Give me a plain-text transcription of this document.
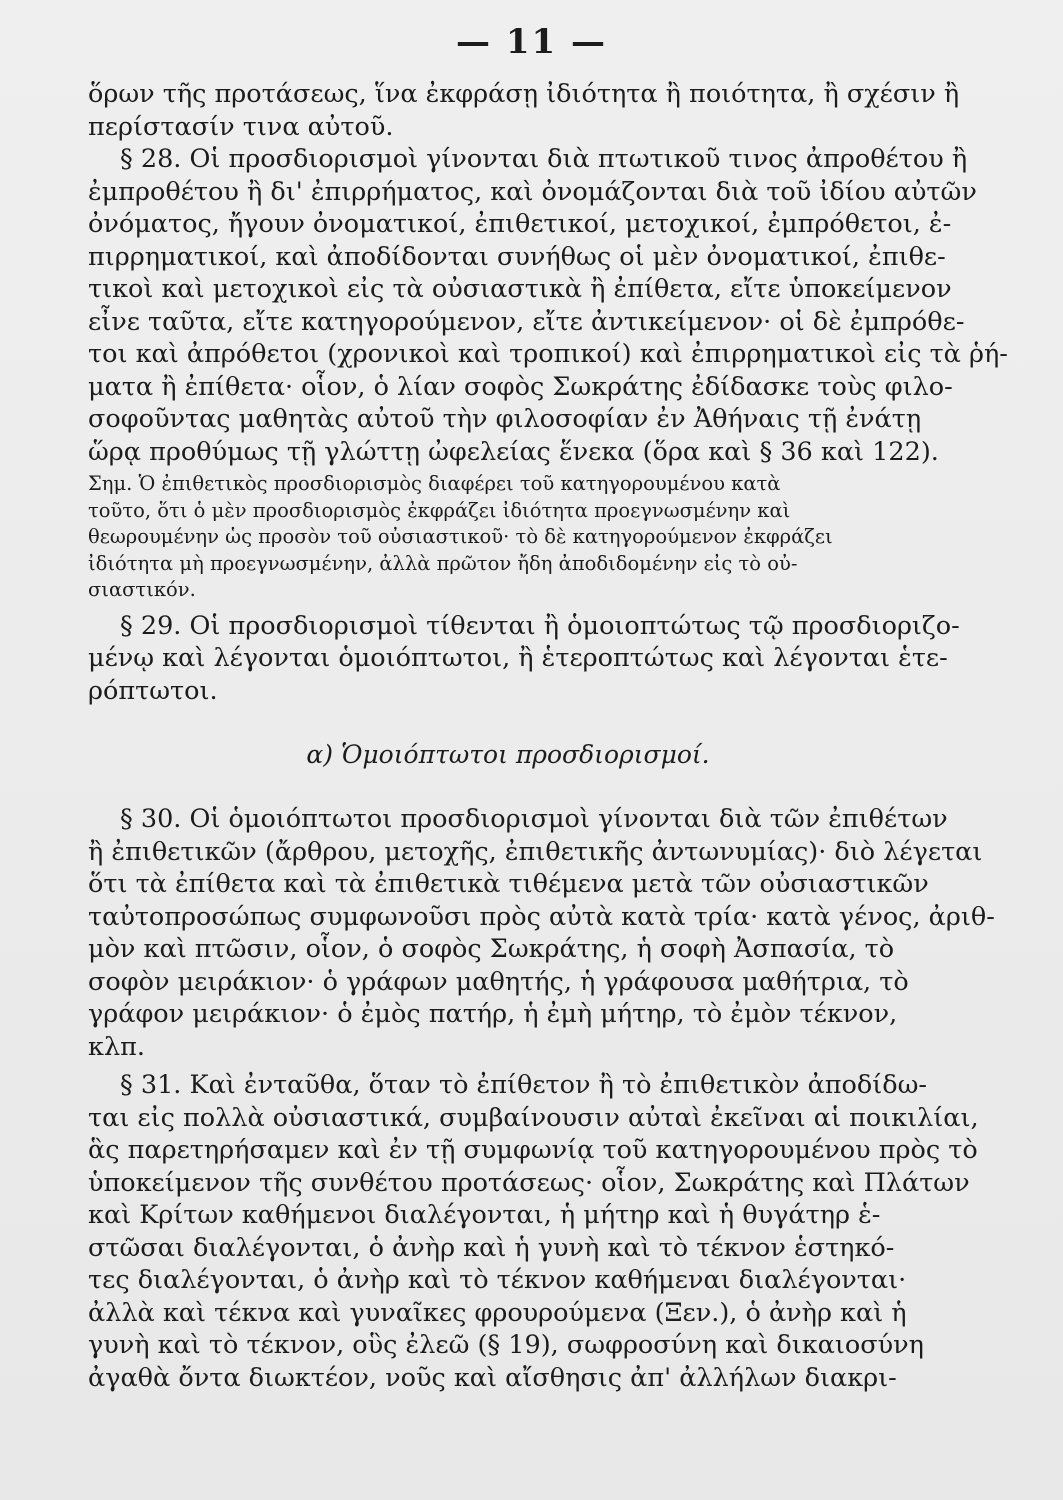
— 11 —
ὅρων τῆς προτάσεως, ἵνα ἐκφράσῃ ἰδιότητα ἢ ποιότητα, ἢ σχέσιν ἢ
περίστασίν τινα αὐτοῦ.
§ 28. Οἱ προσδιορισμοὶ γίνονται διὰ πτωτικοῦ τινος ἀπροθέτου ἢ
ἐμπροθέτου ἢ δι' ἐπιρρήματος, καὶ ὀνομάζονται διὰ τοῦ ἰδίου αὐτῶν
ὀνόματος, ἤγουν ὀνοματικοί, ἐπιθετικοί, μετοχικοί, ἐμπρόθετοι, ἐ-
πιρρηματικοί, καὶ ἀποδίδονται συνήθως οἱ μὲν ὀνοματικοί, ἐπιθε-
τικοὶ καὶ μετοχικοὶ εἰς τὰ οὐσιαστικὰ ἢ ἐπίθετα, εἴτε ὑποκείμενον
εἶνε ταῦτα, εἴτε κατηγορούμενον, εἴτε ἀντικείμενον· οἱ δὲ ἐμπρόθε-
τοι καὶ ἀπρόθετοι (χρονικοὶ καὶ τροπικοί) καὶ ἐπιρρηματικοὶ εἰς τὰ ῥή-
ματα ἢ ἐπίθετα· οἷον, ὁ λίαν σοφὸς Σωκράτης ἐδίδασκε τοὺς φιλο-
σοφοῦντας μαθητὰς αὐτοῦ τὴν φιλοσοφίαν ἐν Ἀθήναις τῇ ἐνάτῃ
ὥρᾳ προθύμως τῇ γλώττῃ ὠφελείας ἕνεκα (ὅρα καὶ § 36 καὶ 122).
Σημ. Ὁ ἐπιθετικὸς προσδιορισμὸς διαφέρει τοῦ κατηγορουμένου κατὰ
τοῦτο, ὅτι ὁ μὲν προσδιορισμὸς ἐκφράζει ἰδιότητα προεγνωσμένην καὶ
θεωρουμένην ὡς προσὸν τοῦ οὐσιαστικοῦ· τὸ δὲ κατηγορούμενον ἐκφράζει
ἰδιότητα μὴ προεγνωσμένην, ἀλλὰ πρῶτον ἤδη ἀποδιδομένην εἰς τὸ οὐ-
σιαστικόν.
§ 29. Οἱ προσδιορισμοὶ τίθενται ἢ ὁμοιοπτώτως τῷ προσδιοριζο-
μένῳ καὶ λέγονται ὁμοιόπτωτοι, ἢ ἑτεροπτώτως καὶ λέγονται ἑτε-
ρόπτωτοι.
α) Ὁμοιόπτωτοι προσδιορισμοί.
§ 30. Οἱ ὁμοιόπτωτοι προσδιορισμοὶ γίνονται διὰ τῶν ἐπιθέτων
ἢ ἐπιθετικῶν (ἄρθρου, μετοχῆς, ἐπιθετικῆς ἀντωνυμίας)· διὸ λέγεται
ὅτι τὰ ἐπίθετα καὶ τὰ ἐπιθετικὰ τιθέμενα μετὰ τῶν οὐσιαστικῶν
ταὐτοπροσώπως συμφωνοῦσι πρὸς αὐτὰ κατὰ τρία· κατὰ γένος, ἀριθ-
μὸν καὶ πτῶσιν, οἷον, ὁ σοφὸς Σωκράτης, ἡ σοφὴ Ἀσπασία, τὸ
σοφὸν μειράκιον· ὁ γράφων μαθητής, ἡ γράφουσα μαθήτρια, τὸ
γράφον μειράκιον· ὁ ἐμὸς πατήρ, ἡ ἐμὴ μήτηρ, τὸ ἐμὸν τέκνον,
κλπ.
§ 31. Καὶ ἐνταῦθα, ὅταν τὸ ἐπίθετον ἢ τὸ ἐπιθετικὸν ἀποδίδω-
ται εἰς πολλὰ οὐσιαστικά, συμβαίνουσιν αὐταὶ ἐκεῖναι αἱ ποικιλίαι,
ἃς παρετηρήσαμεν καὶ ἐν τῇ συμφωνίᾳ τοῦ κατηγορουμένου πρὸς τὸ
ὑποκείμενον τῆς συνθέτου προτάσεως· οἷον, Σωκράτης καὶ Πλάτων
καὶ Κρίτων καθήμενοι διαλέγονται, ἡ μήτηρ καὶ ἡ θυγάτηρ ἑ-
στῶσαι διαλέγονται, ὁ ἀνὴρ καὶ ἡ γυνὴ καὶ τὸ τέκνον ἑστηκό-
τες διαλέγονται, ὁ ἀνὴρ καὶ τὸ τέκνον καθήμεναι διαλέγονται·
ἀλλὰ καὶ τέκνα καὶ γυναῖκες φρουρούμενα (Ξεν.), ὁ ἀνὴρ καὶ ἡ
γυνὴ καὶ τὸ τέκνον, οὓς ἐλεῶ (§ 19), σωφροσύνη καὶ δικαιοσύνη
ἀγαθὰ ὄντα διωκτέον, νοῦς καὶ αἴσθησις ἀπ' ἀλλήλων διακρι-
